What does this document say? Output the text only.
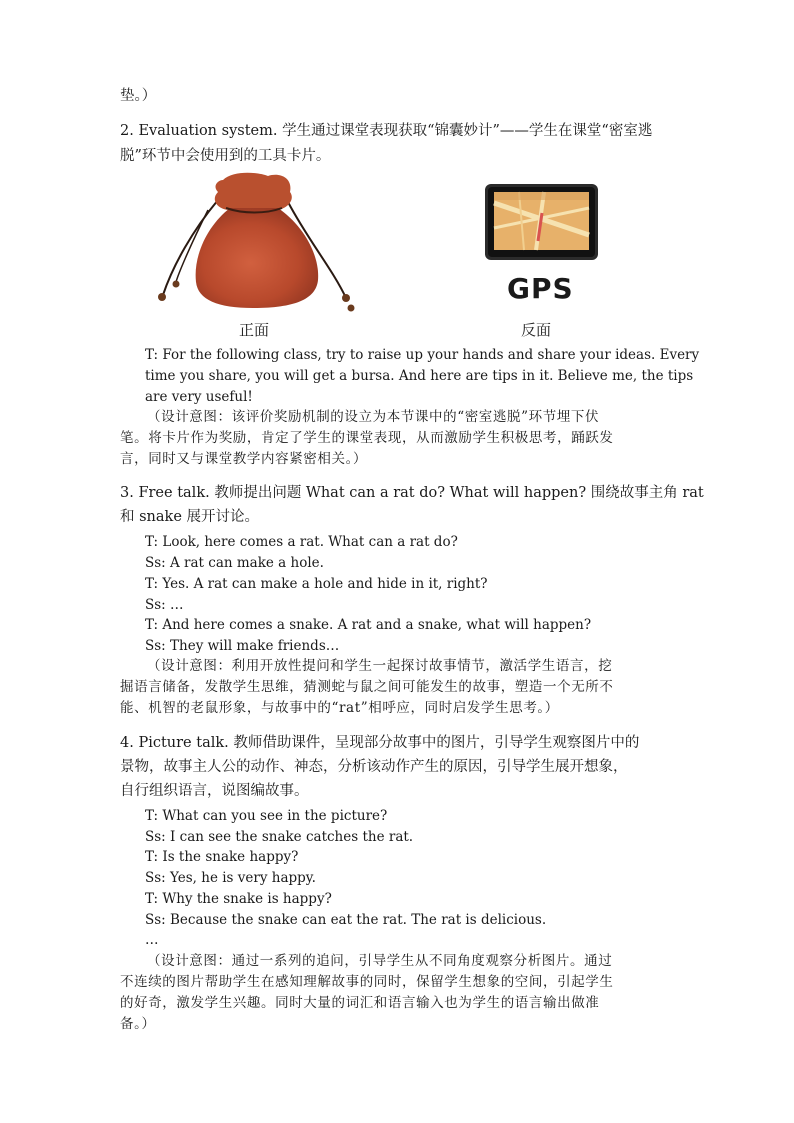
垫。）
2. Evaluation system. 学生通过课堂表现获取“锦囊妙计”——学生在课堂“密室逃
脱”环节中会使用到的工具卡片。
GPS
正面	反面
T: For the following class, try to raise up your hands and share your ideas. Every
time you share, you will get a bursa. And here are tips in it. Believe me, the tips
are very useful!
（设计意图：该评价奖励机制的设立为本节课中的“密室逃脱”环节埋下伏
笔。将卡片作为奖励，肯定了学生的课堂表现，从而激励学生积极思考，踊跃发
言，同时又与课堂教学内容紧密相关。）
3. Free talk. 教师提出问题 What can a rat do? What will happen? 围绕故事主角 rat
和 snake 展开讨论。
T: Look, here comes a rat. What can a rat do?
Ss: A rat can make a hole.
T: Yes. A rat can make a hole and hide in it, right?
Ss: …
T: And here comes a snake. A rat and a snake, what will happen?
Ss: They will make friends…
（设计意图：利用开放性提问和学生一起探讨故事情节，激活学生语言，挖
掘语言储备，发散学生思维，猜测蛇与鼠之间可能发生的故事，塑造一个无所不
能、机智的老鼠形象，与故事中的“rat”相呼应，同时启发学生思考。）
4. Picture talk. 教师借助课件，呈现部分故事中的图片，引导学生观察图片中的
景物，故事主人公的动作、神态，分析该动作产生的原因，引导学生展开想象，
自行组织语言，说图编故事。
T: What can you see in the picture?
Ss: I can see the snake catches the rat.
T: Is the snake happy?
Ss: Yes, he is very happy.
T: Why the snake is happy?
Ss: Because the snake can eat the rat. The rat is delicious.
…
（设计意图：通过一系列的追问，引导学生从不同角度观察分析图片。通过
不连续的图片帮助学生在感知理解故事的同时，保留学生想象的空间，引起学生
的好奇，激发学生兴趣。同时大量的词汇和语言输入也为学生的语言输出做准
备。）
